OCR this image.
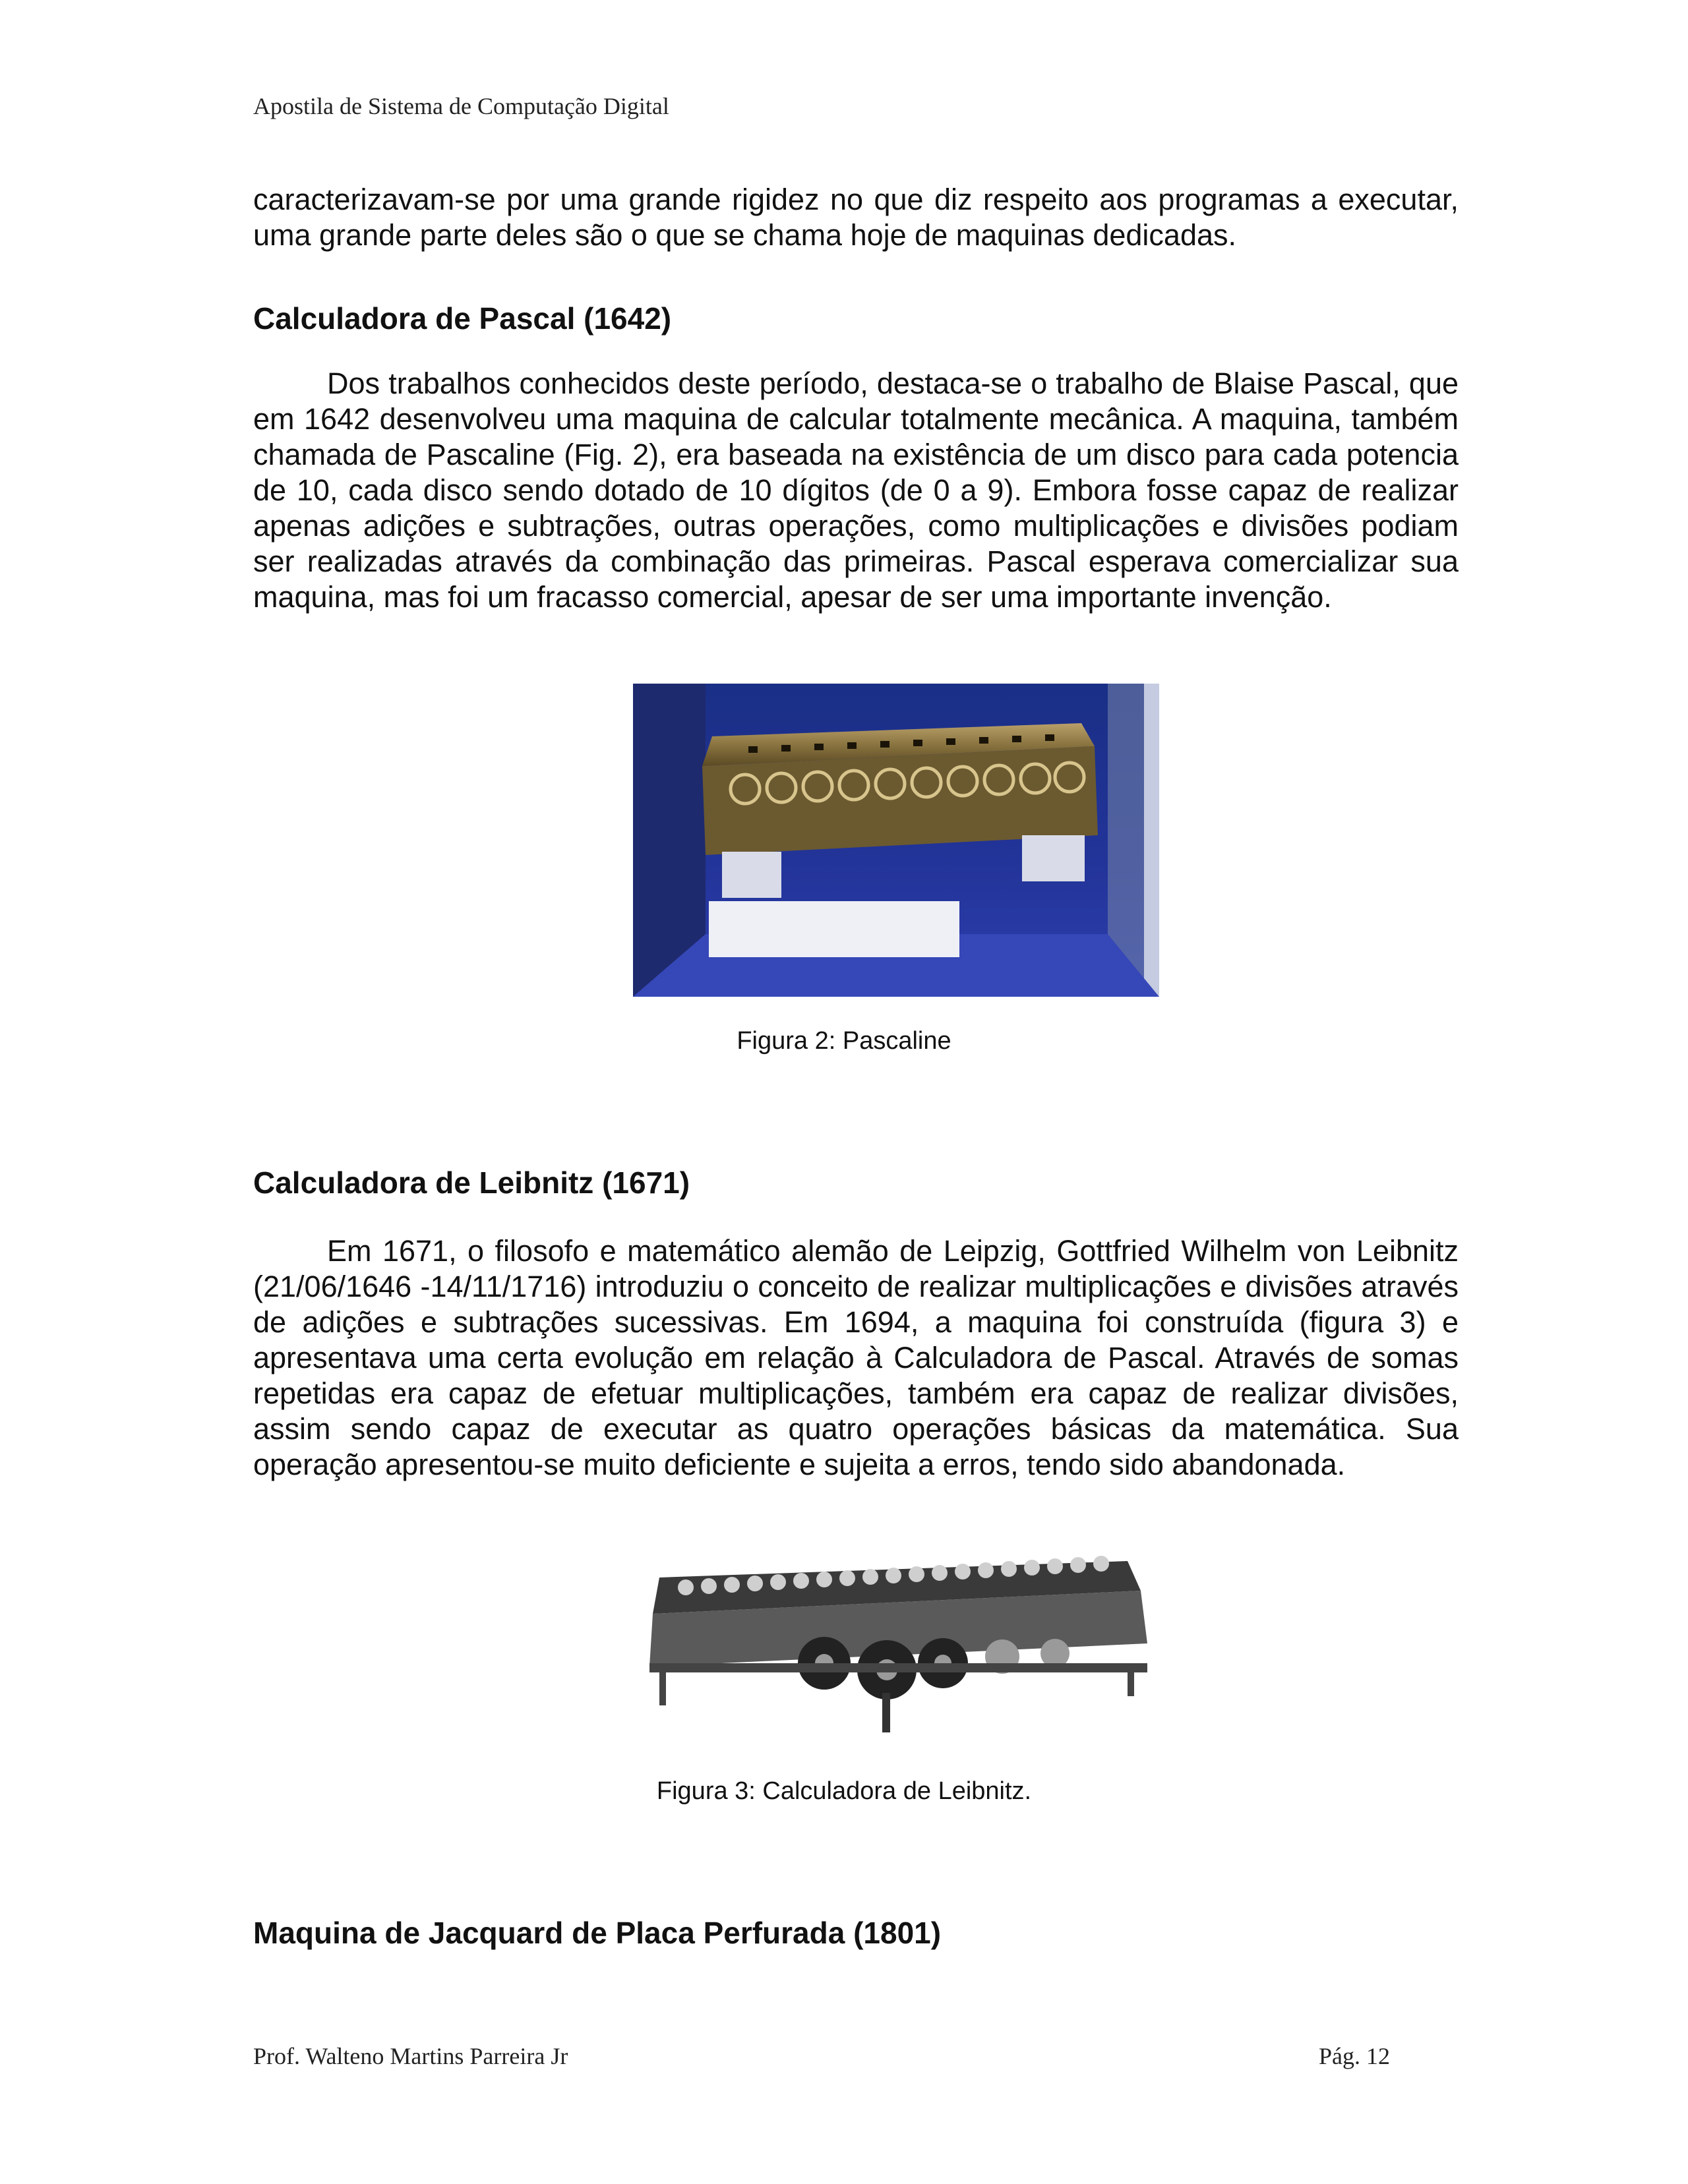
Apostila de Sistema de Computação Digital

caracterizavam-se por uma grande rigidez no que diz respeito aos programas a executar, uma grande parte deles são o que se chama hoje de maquinas dedicadas.

Calculadora de Pascal (1642)

Dos trabalhos conhecidos deste período, destaca-se o trabalho de Blaise Pascal, que em 1642 desenvolveu uma maquina de calcular totalmente mecânica. A maquina, também chamada de Pascaline (Fig. 2), era baseada na existência de um disco para cada potencia de 10, cada disco sendo dotado de 10 dígitos (de 0 a 9). Embora fosse capaz de realizar apenas adições e subtrações, outras operações, como multiplicações e divisões podiam ser realizadas através da combinação das primeiras. Pascal esperava comercializar sua maquina, mas foi um fracasso comercial, apesar de ser uma importante invenção.

Figura 2: Pascaline
Calculadora de Leibnitz (1671)

Em 1671, o filosofo e matemático alemão de Leipzig, Gottfried Wilhelm von Leibnitz (21/06/1646 -14/11/1716) introduziu o conceito de realizar multiplicações e divisões através de adições e subtrações sucessivas. Em 1694, a maquina foi construída (figura 3) e apresentava uma certa evolução em relação à Calculadora de Pascal. Através de somas repetidas era capaz de efetuar multiplicações, também era capaz de realizar divisões, assim sendo capaz de executar as quatro operações básicas da matemática. Sua operação apresentou-se muito deficiente e sujeita a erros, tendo sido abandonada.

Figura 3: Calculadora de Leibnitz.
Maquina de Jacquard de Placa Perfurada (1801)
Prof. Walteno Martins Parreira Jr	Pág. 12
